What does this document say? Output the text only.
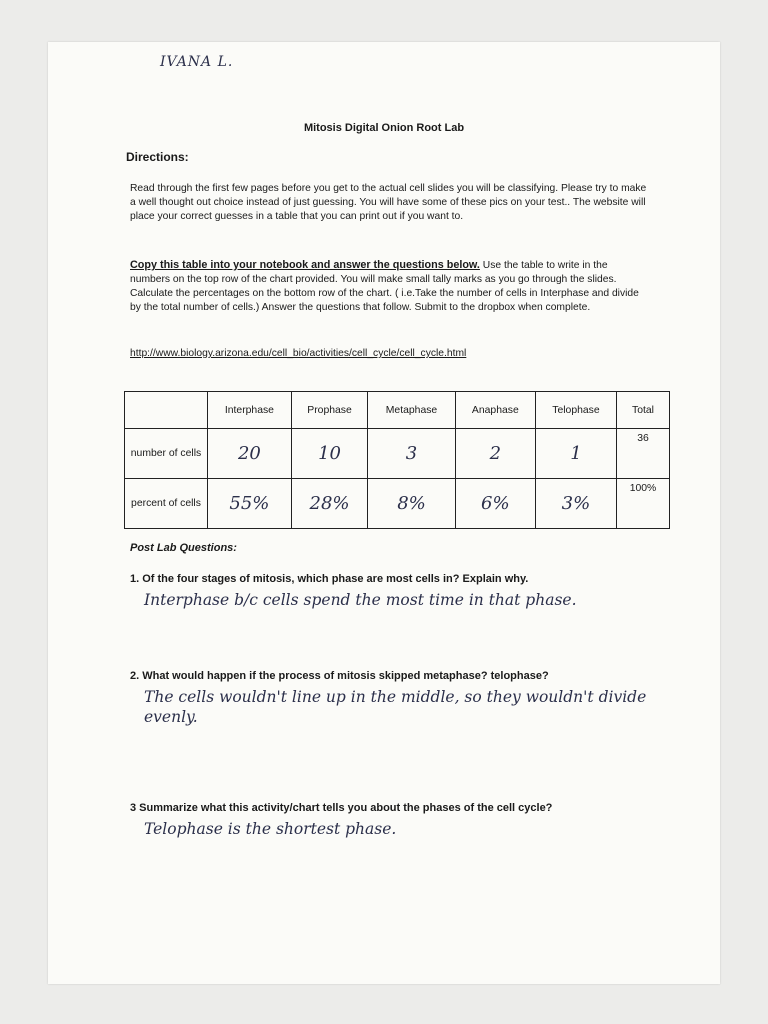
IVANA L.
Mitosis Digital Onion Root Lab
Directions:
Read through the first few pages before you get to the actual cell slides you will be classifying. Please try to make a well thought out choice instead of just guessing. You will have some of these pics on your test.. The website will place your correct guesses in a table that you can print out if you want to.
Copy this table into your notebook and answer the questions below. Use the table to write in the numbers on the top row of the chart provided. You will make small tally marks as you go through the slides. Calculate the percentages on the bottom row of the chart. ( i.e.Take the number of cells in Interphase and divide by the total number of cells.) Answer the questions that follow. Submit to the dropbox when complete.
http://www.biology.arizona.edu/cell_bio/activities/cell_cycle/cell_cycle.html
	Interphase	Prophase	Metaphase	Anaphase	Telophase	Total
number of cells	20	10	3	2	1	36
percent of cells	55%	28%	8%	6%	3%	100%
Post Lab Questions:
1. Of the four stages of mitosis, which phase are most cells in? Explain why.
Interphase b/c cells spend the most time in that phase.
2. What would happen if the process of mitosis skipped metaphase? telophase?
The cells wouldn't line up in the middle, so they wouldn't divide evenly.
3 Summarize what this activity/chart tells you about the phases of the cell cycle?
Telophase is the shortest phase.
